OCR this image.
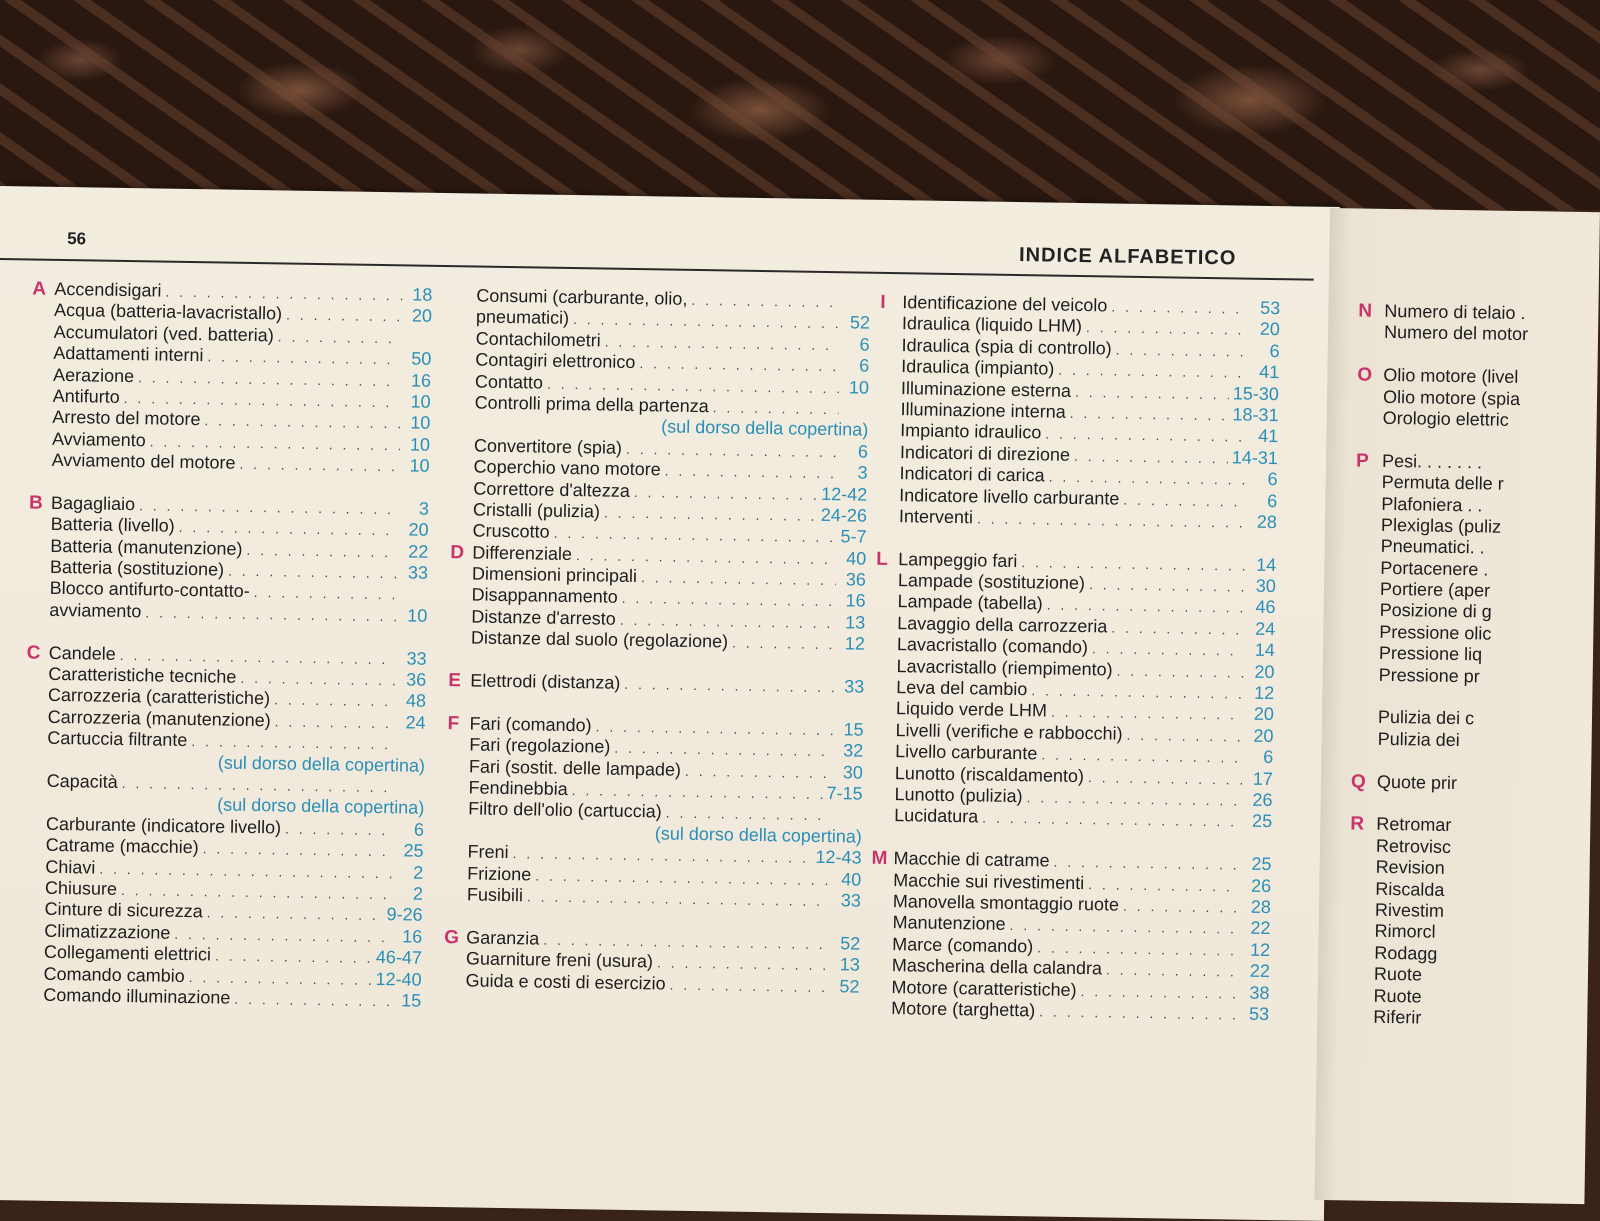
56
INDICE ALFABETICO
A Accendisigari . . .	18
Acqua (batteria-lavacristallo) . . .	20
Accumulatori (ved. batteria)
. . .
Adattamenti interni . . .	50
Aerazione . . .	16
Antifurto . . .	10
Arresto del motore . . .	10
Avviamento . . .	10
Avviamento del motore . . .	10
B Bagagliaio . . .	3
Batteria (livello) . . .	20
Batteria (manutenzione) . . .	22
Batteria (sostituzione) . . .	33
Blocco antifurto-contatto-
. . .
avviamento . . .	10
C Candele . . .	33
Caratteristiche tecniche . . .	36
Carrozzeria (caratteristiche) . . .	48
Carrozzeria (manutenzione) . . .	24
Cartuccia filtrante
. . .
(sul dorso della copertina)
Capacità
. . .
(sul dorso della copertina)
Carburante (indicatore livello) . . .	6
Catrame (macchie) . . .	25
Chiavi . . .	2
Chiusure . . .	2
Cinture di sicurezza . . .	9-26
Climatizzazione . . .	16
Collegamenti elettrici . . .	46-47
Comando cambio . . .	12-40
Comando illuminazione . . .	15
Consumi (carburante, olio,
. . .
pneumatici) . . .	52
Contachilometri . . .	6
Contagiri elettronico . . .	6
Contatto . . .	10
Controlli prima della partenza
. . .
(sul dorso della copertina)
Convertitore (spia) . . .	6
Coperchio vano motore . . .	3
Correttore d'altezza . . .	12-42
Cristalli (pulizia) . . .	24-26
Cruscotto . . .	5-7
D Differenziale . . .	40
Dimensioni principali . . .	36
Disappannamento . . .	16
Distanze d'arresto . . .	13
Distanze dal suolo (regolazione) . . .	12
E Elettrodi (distanza) . . .	33
F Fari (comando) . . .	15
Fari (regolazione) . . .	32
Fari (sostit. delle lampade) . . .	30
Fendinebbia . . .	7-15
Filtro dell'olio (cartuccia)
. . .
(sul dorso della copertina)
Freni . . .	12-43
Frizione . . .	40
Fusibili . . .	33
G Garanzia . . .	52
Guarniture freni (usura) . . .	13
Guida e costi di esercizio . . .	52
I Identificazione del veicolo . . .	53
Idraulica (liquido LHM) . . .	20
Idraulica (spia di controllo) . . .	6
Idraulica (impianto) . . .	41
Illuminazione esterna . . .	15-30
Illuminazione interna . . .	18-31
Impianto idraulico . . .	41
Indicatori di direzione . . .	14-31
Indicatori di carica . . .	6
Indicatore livello carburante . . .	6
Interventi . . .	28
L Lampeggio fari . . .	14
Lampade (sostituzione) . . .	30
Lampade (tabella) . . .	46
Lavaggio della carrozzeria . . .	24
Lavacristallo (comando) . . .	14
Lavacristallo (riempimento) . . .	20
Leva del cambio . . .	12
Liquido verde LHM . . .	20
Livelli (verifiche e rabbocchi) . . .	20
Livello carburante . . .	6
Lunotto (riscaldamento) . . .	17
Lunotto (pulizia) . . .	26
Lucidatura . . .	25
M Macchie di catrame . . .	25
Macchie sui rivestimenti . . .	26
Manovella smontaggio ruote . . .	28
Manutenzione . . .	22
Marce (comando) . . .	12
Mascherina della calandra . . .	22
Motore (caratteristiche) . . .	38
Motore (targhetta) . . .	53
N Numero di telaio .
Numero del motor
O Olio motore (livel
Olio motore (spia
Orologio elettric
P Pesi. . . . . . .
Permuta delle r
Plafoniera . .
Plexiglas (puliz
Pneumatici. .
Portacenere .
Portiere (aper
Posizione di g
Pressione olic
Pressione liq
Pressione pr
Pulizia dei c
Pulizia dei
Q Quote prir
R Retromar
Retrovisc
Revision
Riscalda
Rivestim
Rimorcl
Rodagg
Ruote
Ruote
Riferir
